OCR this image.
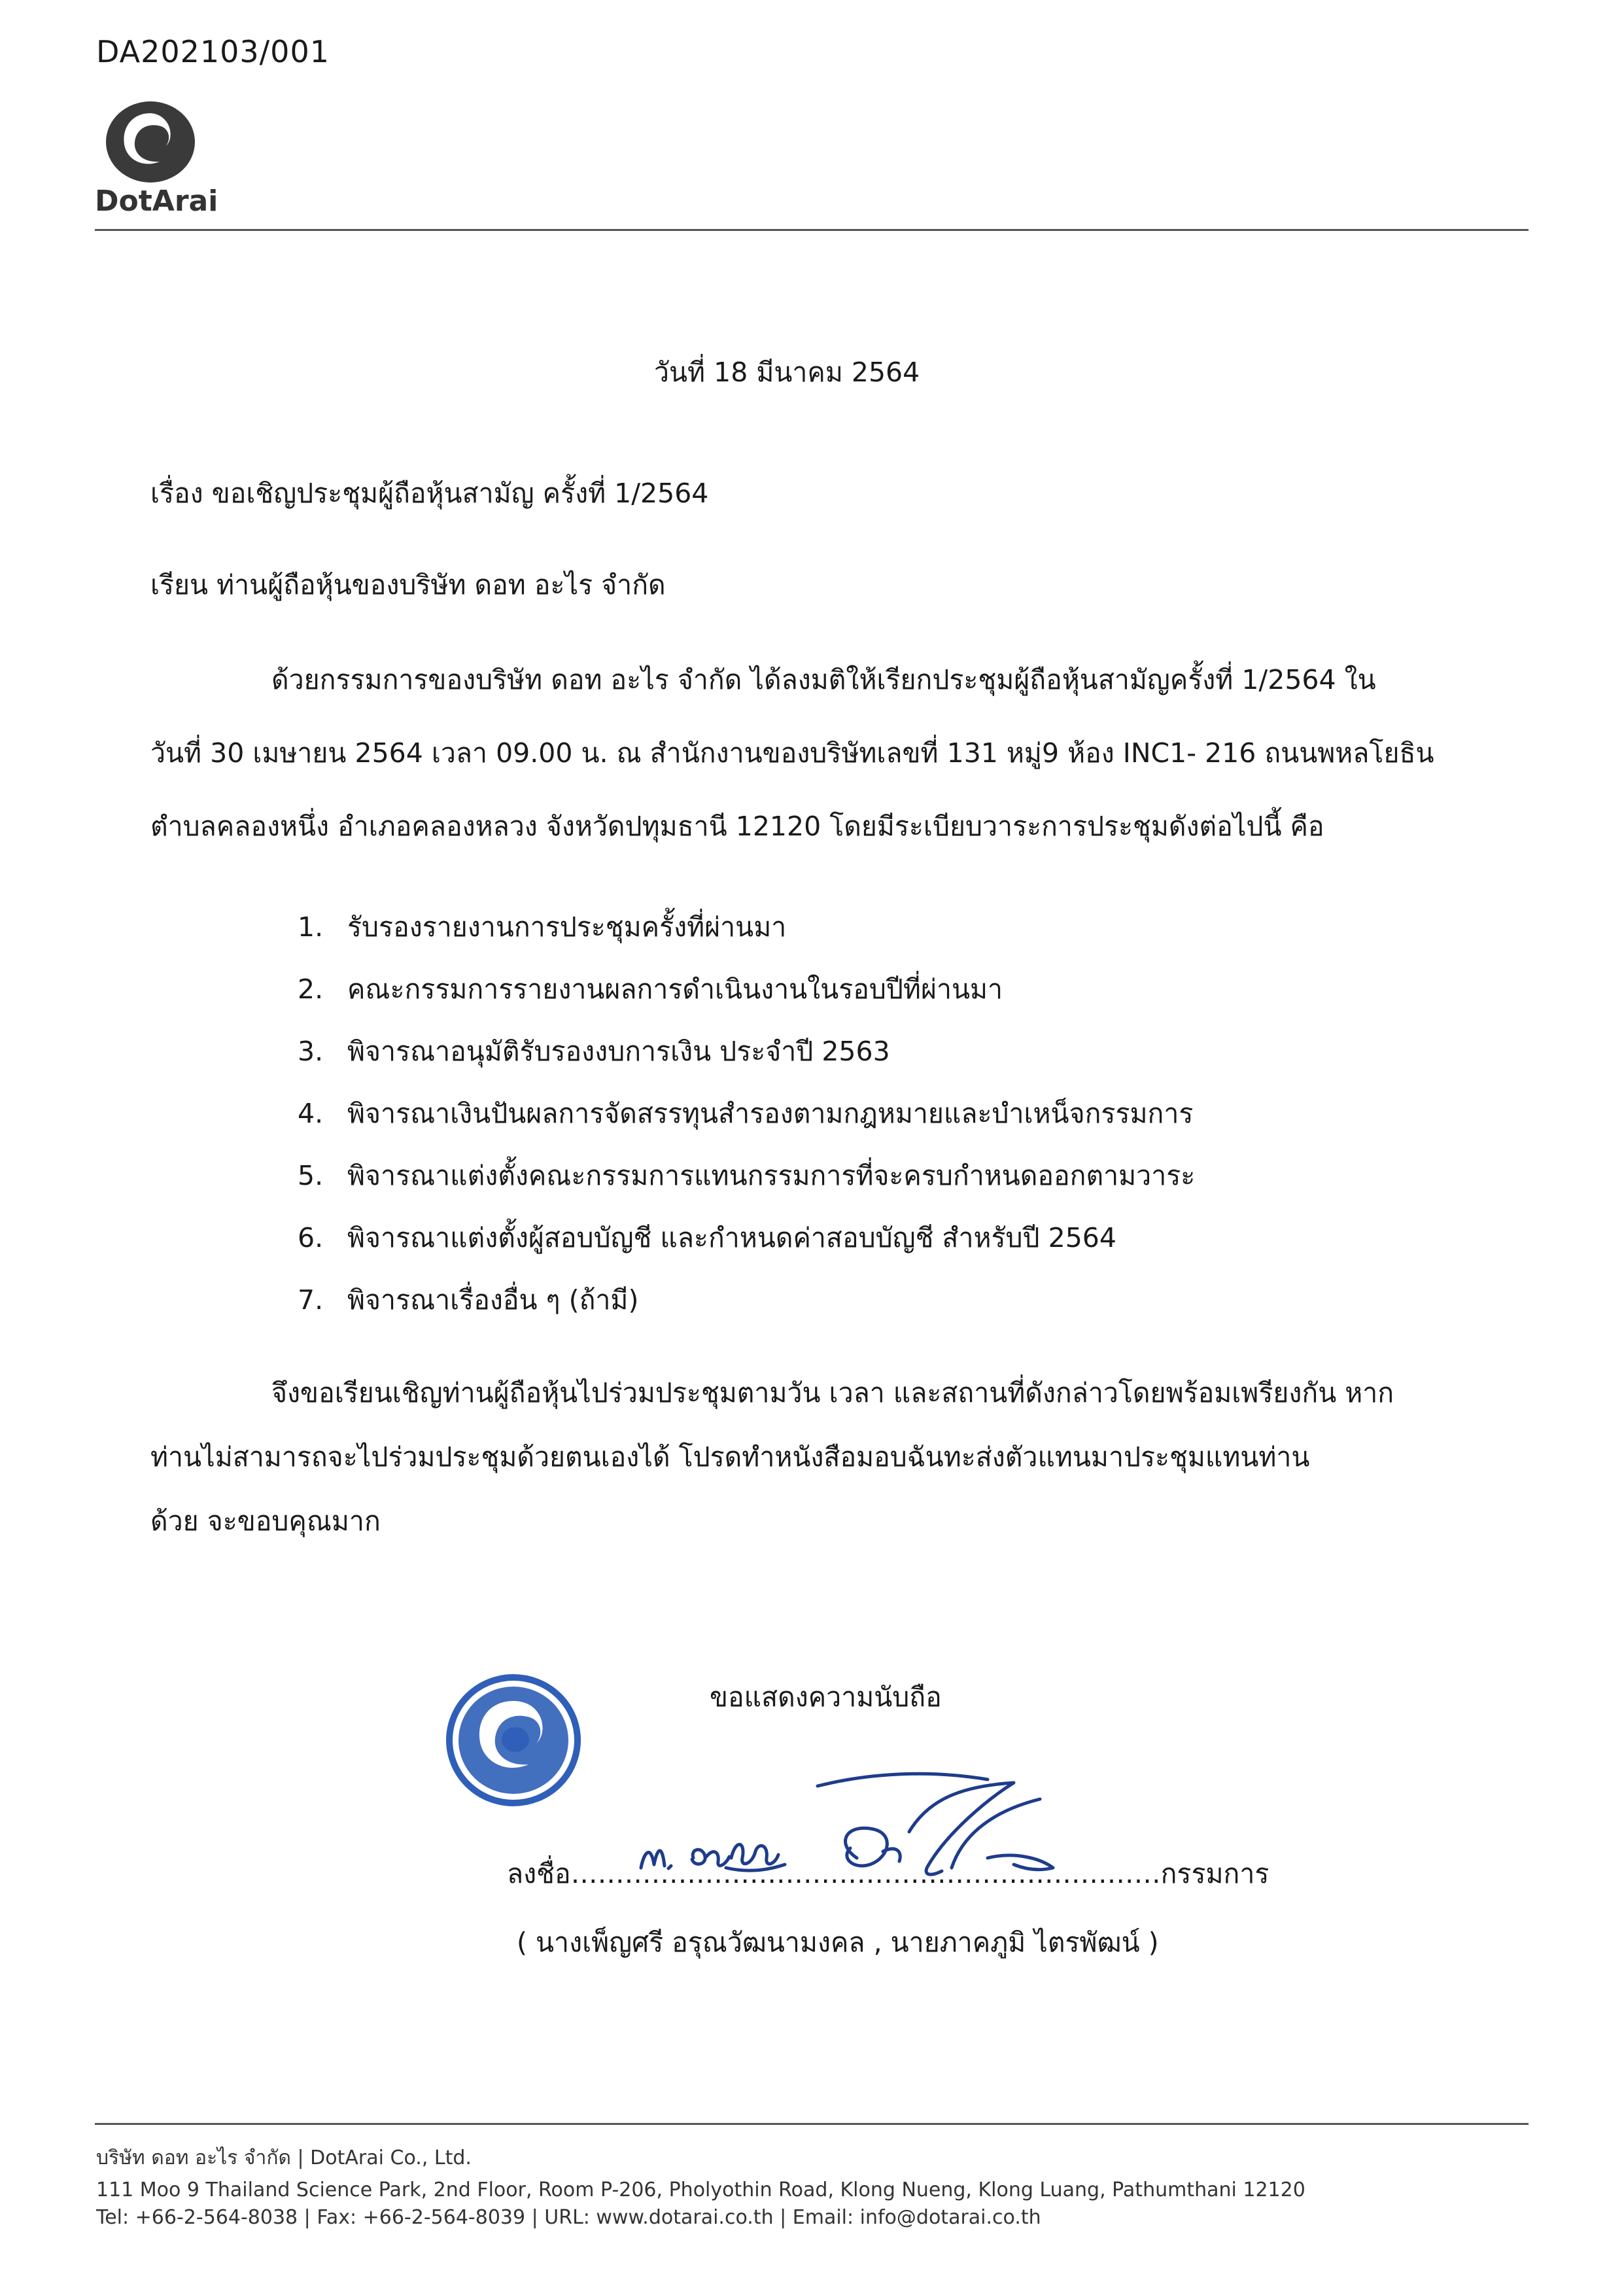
DA202103/001
DotArai
วันที่ 18 มีนาคม 2564
เรื่อง ขอเชิญประชุมผู้ถือหุ้นสามัญ ครั้งที่ 1/2564
เรียน ท่านผู้ถือหุ้นของบริษัท ดอท อะไร จำกัด
ด้วยกรรมการของบริษัท ดอท อะไร จำกัด ได้ลงมติให้เรียกประชุมผู้ถือหุ้นสามัญครั้งที่ 1/2564 ใน
วันที่ 30 เมษายน 2564 เวลา 09.00 น. ณ สำนักงานของบริษัทเลขที่ 131 หมู่9 ห้อง INC1- 216 ถนนพหลโยธิน
ตำบลคลองหนึ่ง อำเภอคลองหลวง จังหวัดปทุมธานี 12120 โดยมีระเบียบวาระการประชุมดังต่อไปนี้ คือ
1. รับรองรายงานการประชุมครั้งที่ผ่านมา
2. คณะกรรมการรายงานผลการดำเนินงานในรอบปีที่ผ่านมา
3. พิจารณาอนุมัติรับรองงบการเงิน ประจำปี 2563
4. พิจารณาเงินปันผลการจัดสรรทุนสำรองตามกฎหมายและบำเหน็จกรรมการ
5. พิจารณาแต่งตั้งคณะกรรมการแทนกรรมการที่จะครบกำหนดออกตามวาระ
6. พิจารณาแต่งตั้งผู้สอบบัญชี และกำหนดค่าสอบบัญชี สำหรับปี 2564
7. พิจารณาเรื่องอื่น ๆ (ถ้ามี)
จึงขอเรียนเชิญท่านผู้ถือหุ้นไปร่วมประชุมตามวัน เวลา และสถานที่ดังกล่าวโดยพร้อมเพรียงกัน หาก
ท่านไม่สามารถจะไปร่วมประชุมด้วยตนเองได้ โปรดทำหนังสือมอบฉันทะส่งตัวแทนมาประชุมแทนท่าน
ด้วย จะขอบคุณมาก
ขอแสดงความนับถือ
ลงชื่อ…………………………………………………………กรรมการ
( นางเพ็ญศรี อรุณวัฒนามงคล , นายภาคภูมิ ไตรพัฒน์ )
บริษัท ดอท อะไร จำกัด | DotArai Co., Ltd.
111 Moo 9 Thailand Science Park, 2nd Floor, Room P-206, Pholyothin Road, Klong Nueng, Klong Luang, Pathumthani 12120
Tel: +66-2-564-8038 | Fax: +66-2-564-8039 | URL: www.dotarai.co.th | Email: info@dotarai.co.th
